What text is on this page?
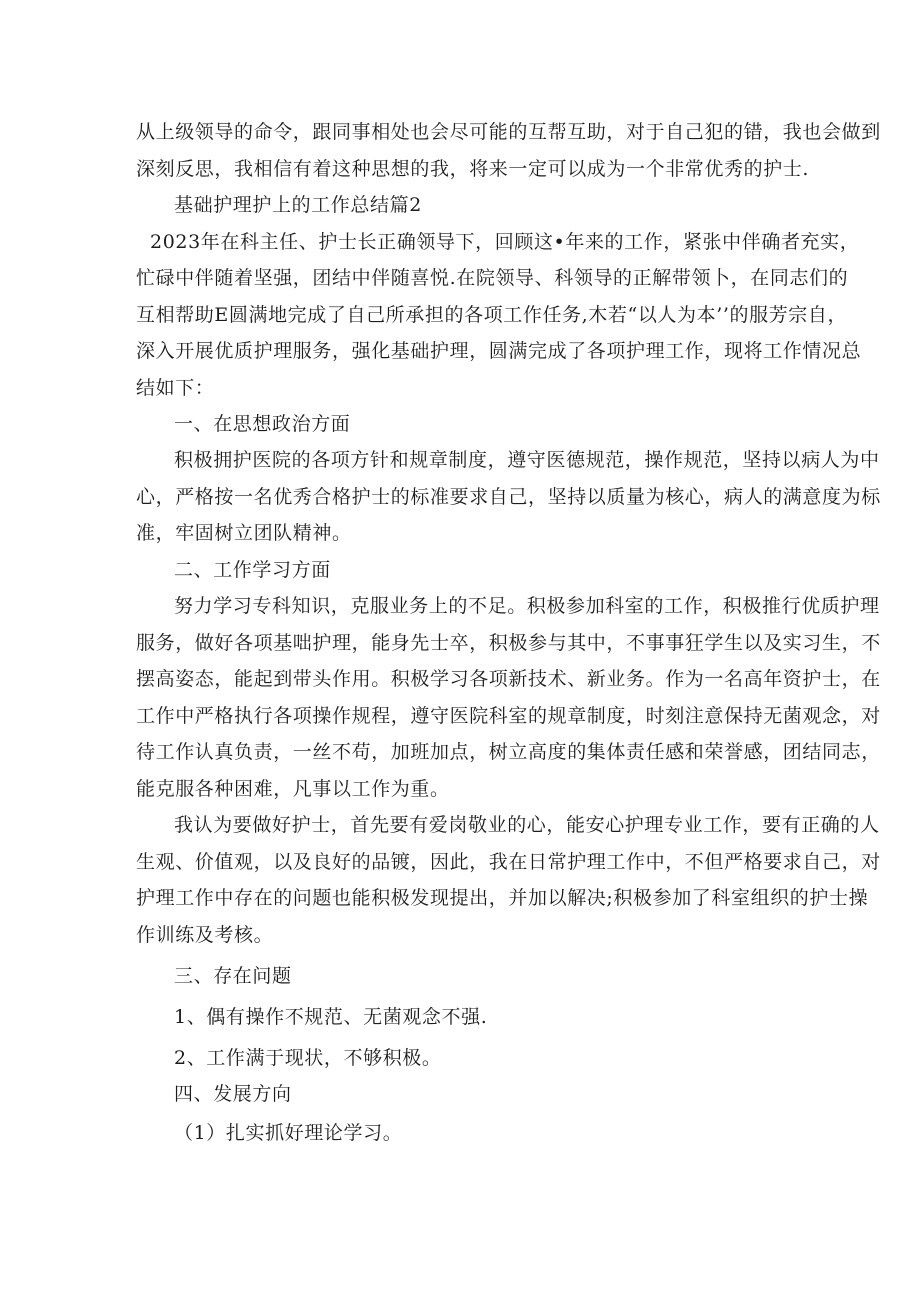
从上级领导的命令，跟同事相处也会尽可能的互帮互助，对于自己犯的错，我也会做到
深刻反思，我相信有着这种思想的我，将来一定可以成为一个非常优秀的护士.
基础护理护上的工作总结篇2
2023年在科主任、护士长正确领导下，回顾这•年来的工作，紧张中伴确者充实，
忙碌中伴随着坚强，团结中伴随喜悦.在院领导、科领导的正解带领卜，在同志们的
互相帮助E圆满地完成了自己所承担的各项工作任务,木若“以人为本’’的服芳宗自，
深入开展优质护理服务，强化基础护理，圆满完成了各项护理工作，现将工作情况总
结如下：
一、在思想政治方面
积极拥护医院的各项方针和规章制度，遵守医德规范，操作规范，坚持以病人为中
心，严格按一名优秀合格护士的标准要求自己，坚持以质量为核心，病人的满意度为标
准，牢固树立团队精神。
二、工作学习方面
努力学习专科知识，克服业务上的不足。积极参加科室的工作，积极推行优质护理
服务，做好各项基咄护理，能身先士卒，积极参与其中，不事事狂学生以及实习生，不
摆高姿态，能起到带头作用。积极学习各项新技术、新业务。作为一名高年资护士，在
工作中严格执行各项操作规程，遵守医院科室的规章制度，时刻注意保持无菌观念，对
待工作认真负责，一丝不苟，加班加点，树立高度的集体责任感和荣誉感，团结同志，
能克服各种困难，凡事以工作为重。
我认为要做好护士，首先要有爱岗敬业的心，能安心护理专业工作，要有正确的人
生观、价值观，以及良好的品镀，因此，我在日常护理工作中，不但严格要求自己，对
护理工作中存在的问题也能积极发现提出，并加以解决;积极参加了科室组织的护士操
作训练及考核。
三、存在问题
1、偶有操作不规范、无菌观念不强.
2、工作满于现状，不够积极。
四、发展方向
（1）扎实抓好理论学习。
